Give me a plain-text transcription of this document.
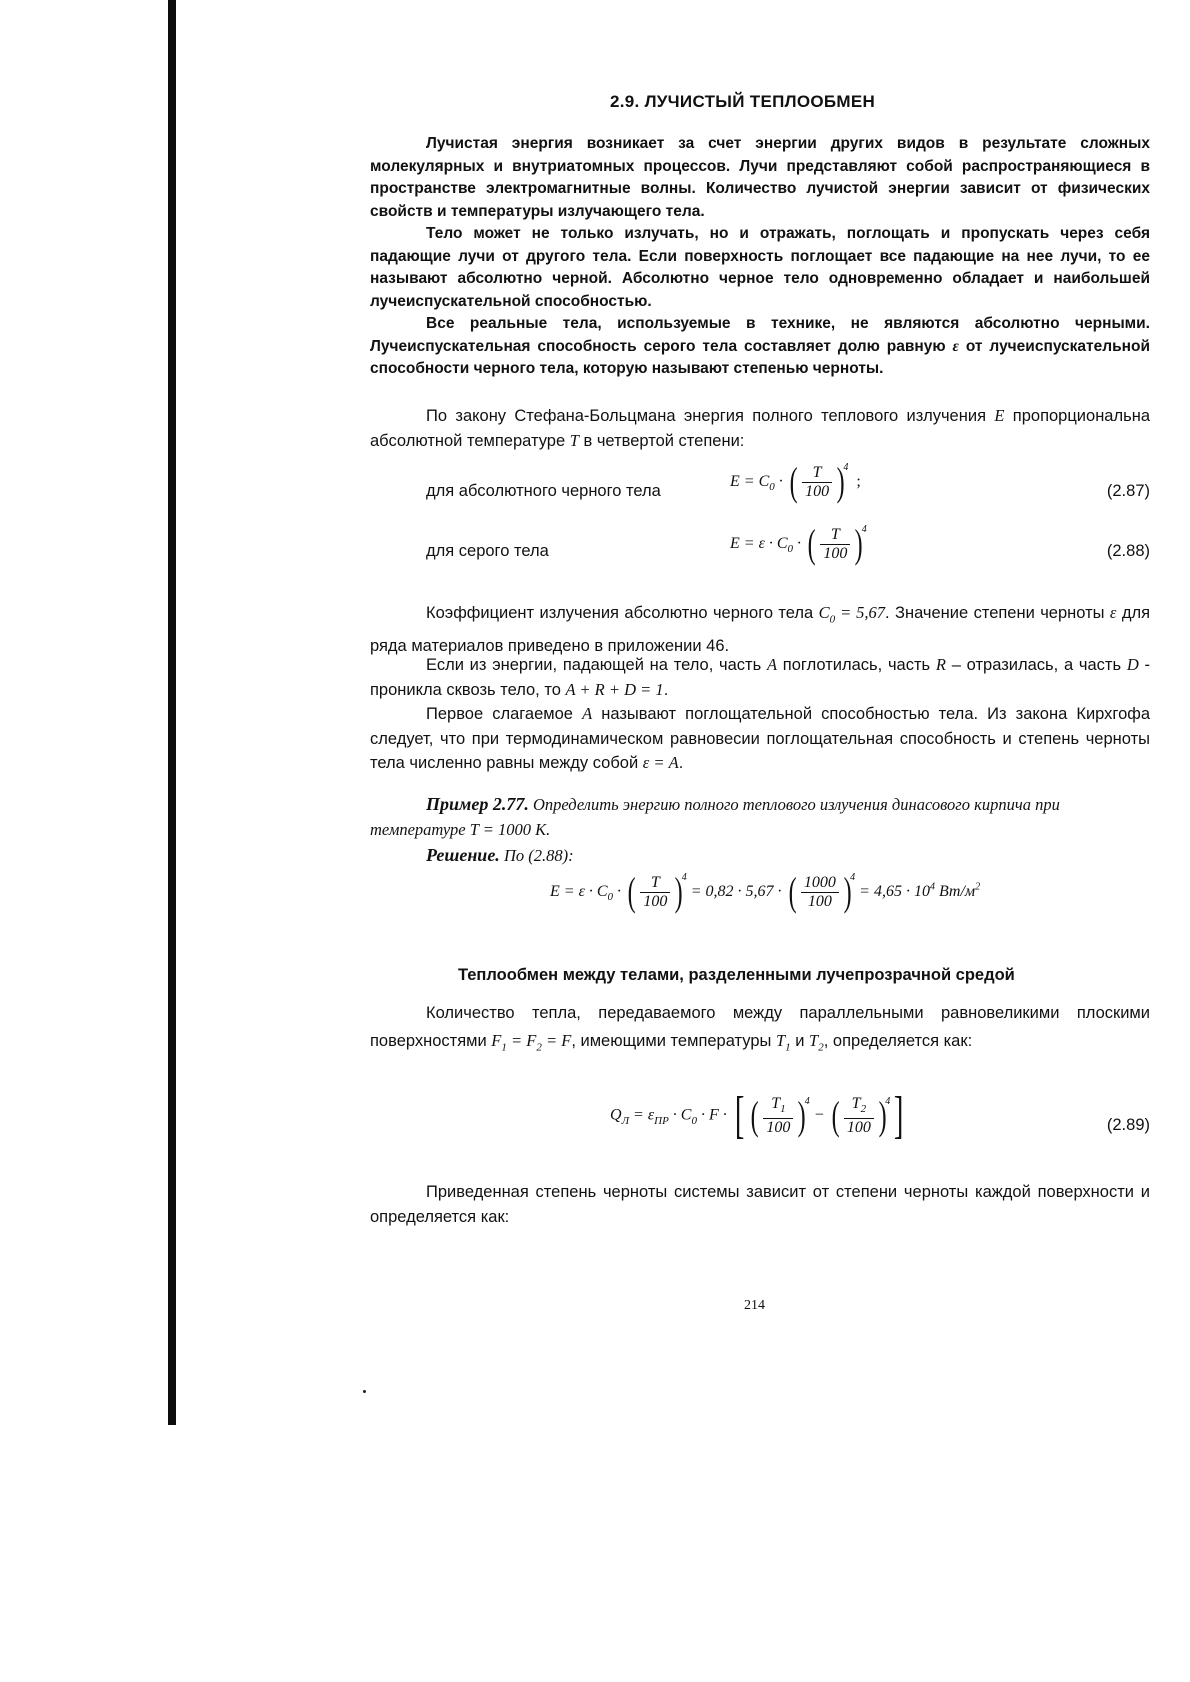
2.9. ЛУЧИСТЫЙ ТЕПЛООБМЕН

Лучистая энергия возникает за счет энергии других видов в результате сложных молекулярных и внутриатомных процессов. Лучи представляют собой распространяющиеся в пространстве электромагнитные волны. Количество лучистой энергии зависит от физических свойств и температуры излучающего тела.

Тело может не только излучать, но и отражать, поглощать и пропускать через себя падающие лучи от другого тела. Если поверхность поглощает все падающие на нее лучи, то ее называют абсолютно черной. Абсолютно черное тело одновременно обладает и наибольшей лучеиспускательной способностью.

Все реальные тела, используемые в технике, не являются абсолютно черными. Лучеиспускательная способность серого тела составляет долю равную ε от лучеиспускательной способности черного тела, которую называют степенью черноты.

По закону Стефана-Больцмана энергия полного теплового излучения E пропорциональна абсолютной температуре T в четвертой степени:

для абсолютного черного тела
$E = C_0$ · ( $\frac{T}{100} )^4$  ;
(2.87)
для серого тела	$E = \varepsilon \cdot C_0$ · ( $\frac{T}{100} )^4$
(2.88)

Коэффициент излучения абсолютно черного тела $C_0 = 5,67$. Значение степени черноты ε для ряда материалов приведено в приложении 46.

Если из энергии, падающей на тело, часть A поглотилась, часть R – отразилась, а часть D - проникла сквозь тело, то A + R + D = 1.

Первое слагаемое A называют поглощательной способностью тела. Из закона Кирхгофа следует, что при термодинамическом равновесии поглощательная способность и степень черноты тела численно равны между собой ε = A.

Пример 2.77. Определить энергию полного теплового излучения динасового кирпича при температуре T = 1000 K.

Решение. По (2.88):

$E = \varepsilon \cdot C_0$ · ( $\frac{T}{100} )^4 = 0,82 \cdot 5,67$ · ( $\frac{1000}{100} )^4 = 4,65 \cdot 10^4$ $Вт/м^2$
Теплообмен между телами, разделенными лучепрозрачной средой

Количество тепла, передаваемого между параллельными равновеликими плоскими поверхностями $F_1 = F_2 = F$, имеющими температуры $T_1$ и $T_2$, определяется как:

$Q_Л = \varepsilon_{ПР} \cdot C_0 \cdot F$ · [ ( $\frac{T_1}{100} )^4$ − ( $\frac{T_2}{100} )^4$]	(2.89)

Приведенная степень черноты системы зависит от степени черноты каждой поверхности и определяется как:

214
